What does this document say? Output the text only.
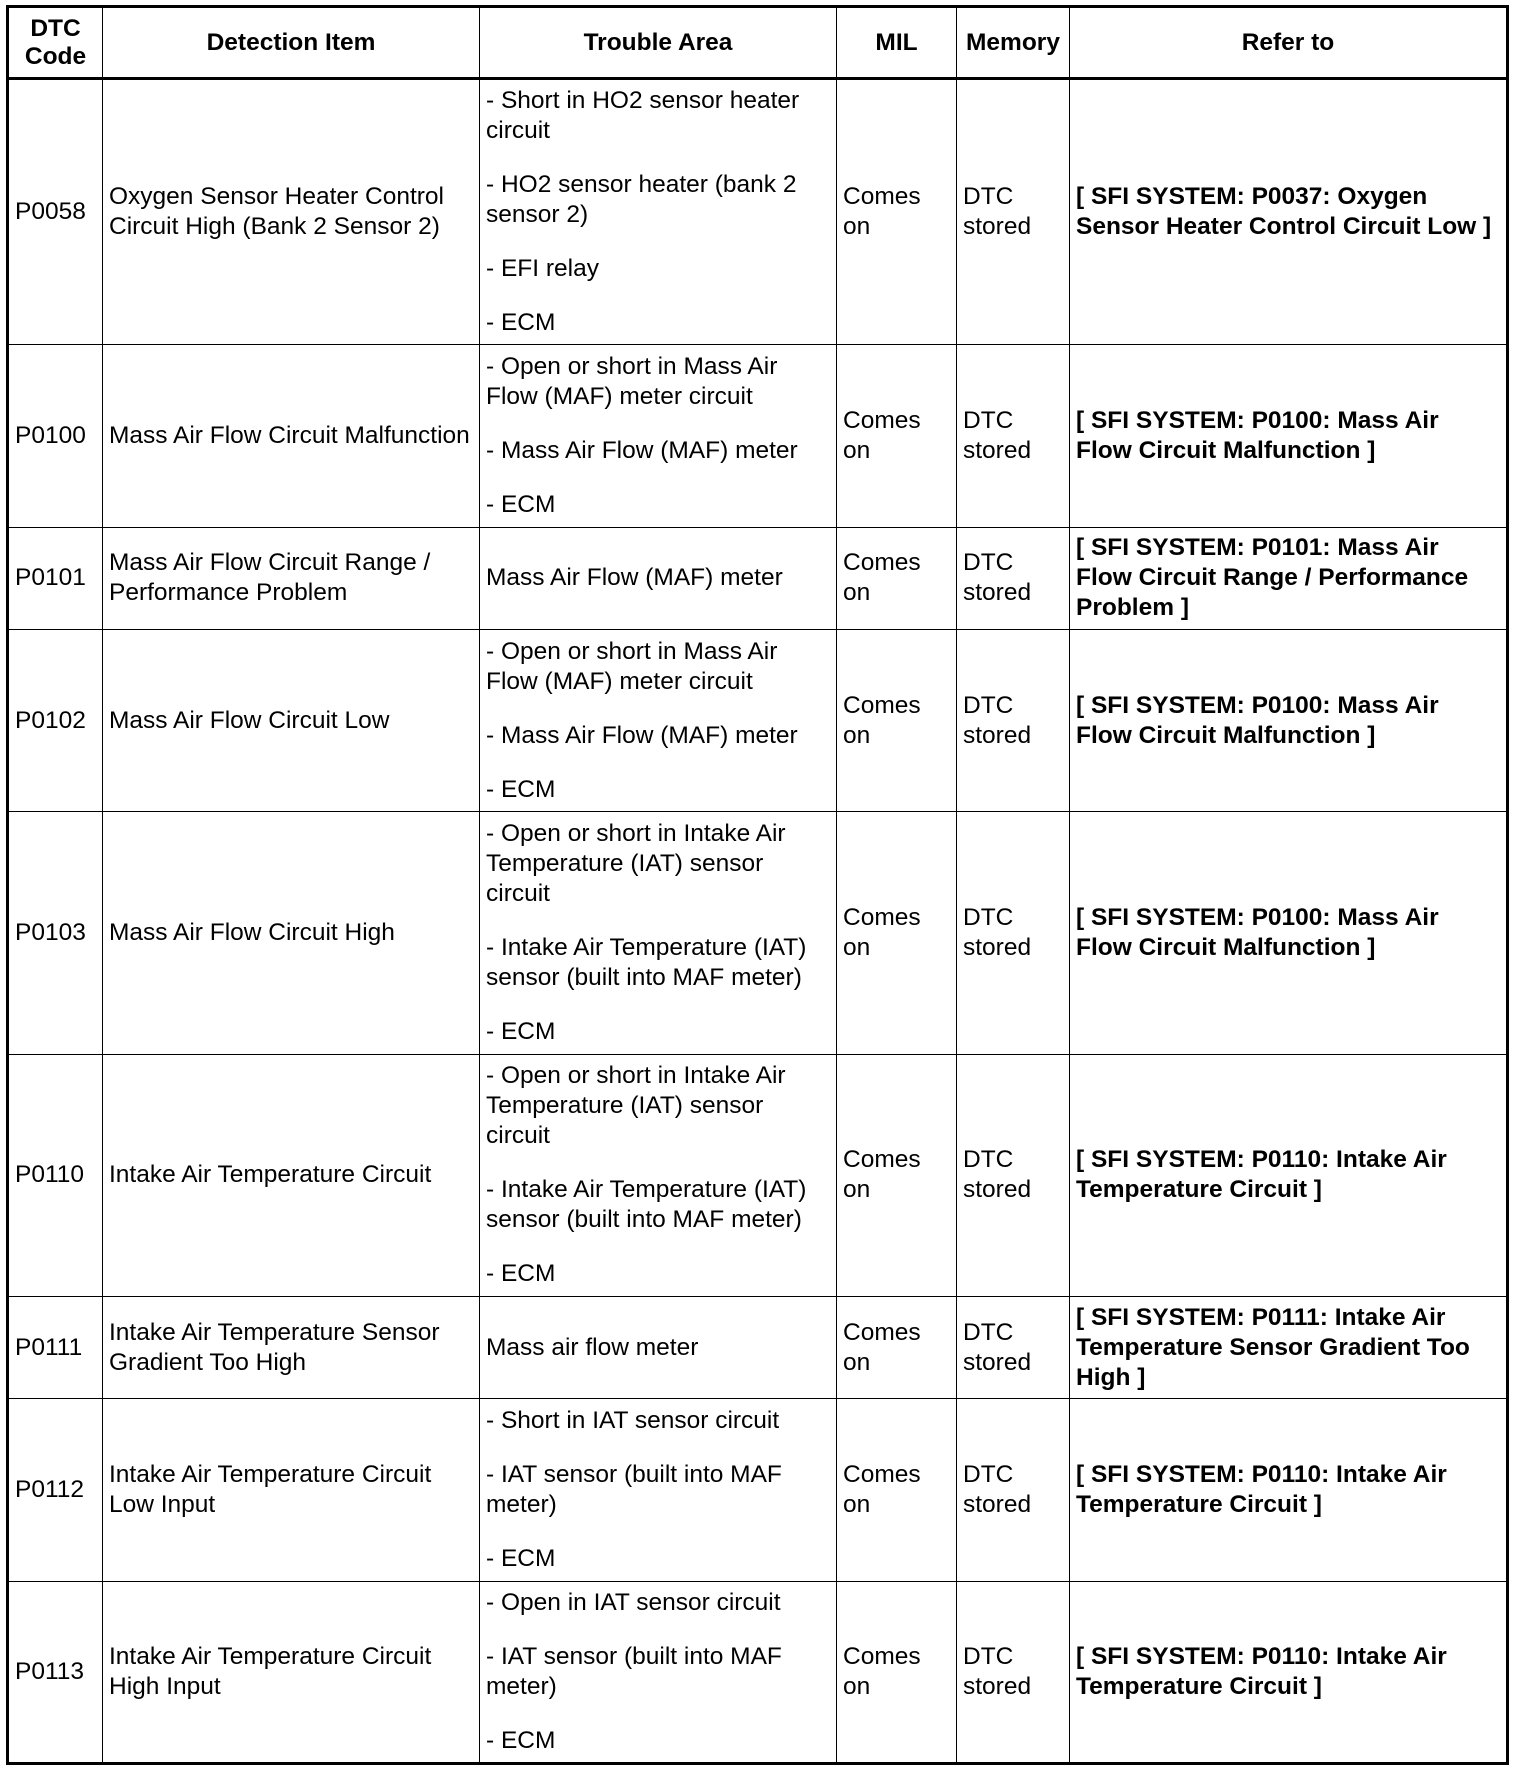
DTC Code	Detection Item	Trouble Area	MIL	Memory	Refer to
P0058	Oxygen Sensor Heater Control Circuit High (Bank 2 Sensor 2)	- Short in HO2 sensor heater circuit
- HO2 sensor heater (bank 2 sensor 2)
- EFI relay
- ECM	Comes on	DTC stored	[ SFI SYSTEM: P0037: Oxygen Sensor Heater Control Circuit Low ]
P0100	Mass Air Flow Circuit Malfunction	- Open or short in Mass Air Flow (MAF) meter circuit
- Mass Air Flow (MAF) meter
- ECM	Comes on	DTC stored	[ SFI SYSTEM: P0100: Mass Air Flow Circuit Malfunction ]
P0101	Mass Air Flow Circuit Range / Performance Problem	Mass Air Flow (MAF) meter	Comes on	DTC stored	[ SFI SYSTEM: P0101: Mass Air Flow Circuit Range / Performance Problem ]
P0102	Mass Air Flow Circuit Low	- Open or short in Mass Air Flow (MAF) meter circuit
- Mass Air Flow (MAF) meter
- ECM	Comes on	DTC stored	[ SFI SYSTEM: P0100: Mass Air Flow Circuit Malfunction ]
P0103	Mass Air Flow Circuit High	- Open or short in Intake Air Temperature (IAT) sensor circuit
- Intake Air Temperature (IAT) sensor (built into MAF meter)
- ECM	Comes on	DTC stored	[ SFI SYSTEM: P0100: Mass Air Flow Circuit Malfunction ]
P0110	Intake Air Temperature Circuit	- Open or short in Intake Air Temperature (IAT) sensor circuit
- Intake Air Temperature (IAT) sensor (built into MAF meter)
- ECM	Comes on	DTC stored	[ SFI SYSTEM: P0110: Intake Air Temperature Circuit ]
P0111	Intake Air Temperature Sensor Gradient Too High	Mass air flow meter	Comes on	DTC stored	[ SFI SYSTEM: P0111: Intake Air Temperature Sensor Gradient Too High ]
P0112	Intake Air Temperature Circuit Low Input	- Short in IAT sensor circuit
- IAT sensor (built into MAF meter)
- ECM	Comes on	DTC stored	[ SFI SYSTEM: P0110: Intake Air Temperature Circuit ]
P0113	Intake Air Temperature Circuit High Input	- Open in IAT sensor circuit
- IAT sensor (built into MAF meter)
- ECM	Comes on	DTC stored	[ SFI SYSTEM: P0110: Intake Air Temperature Circuit ]
